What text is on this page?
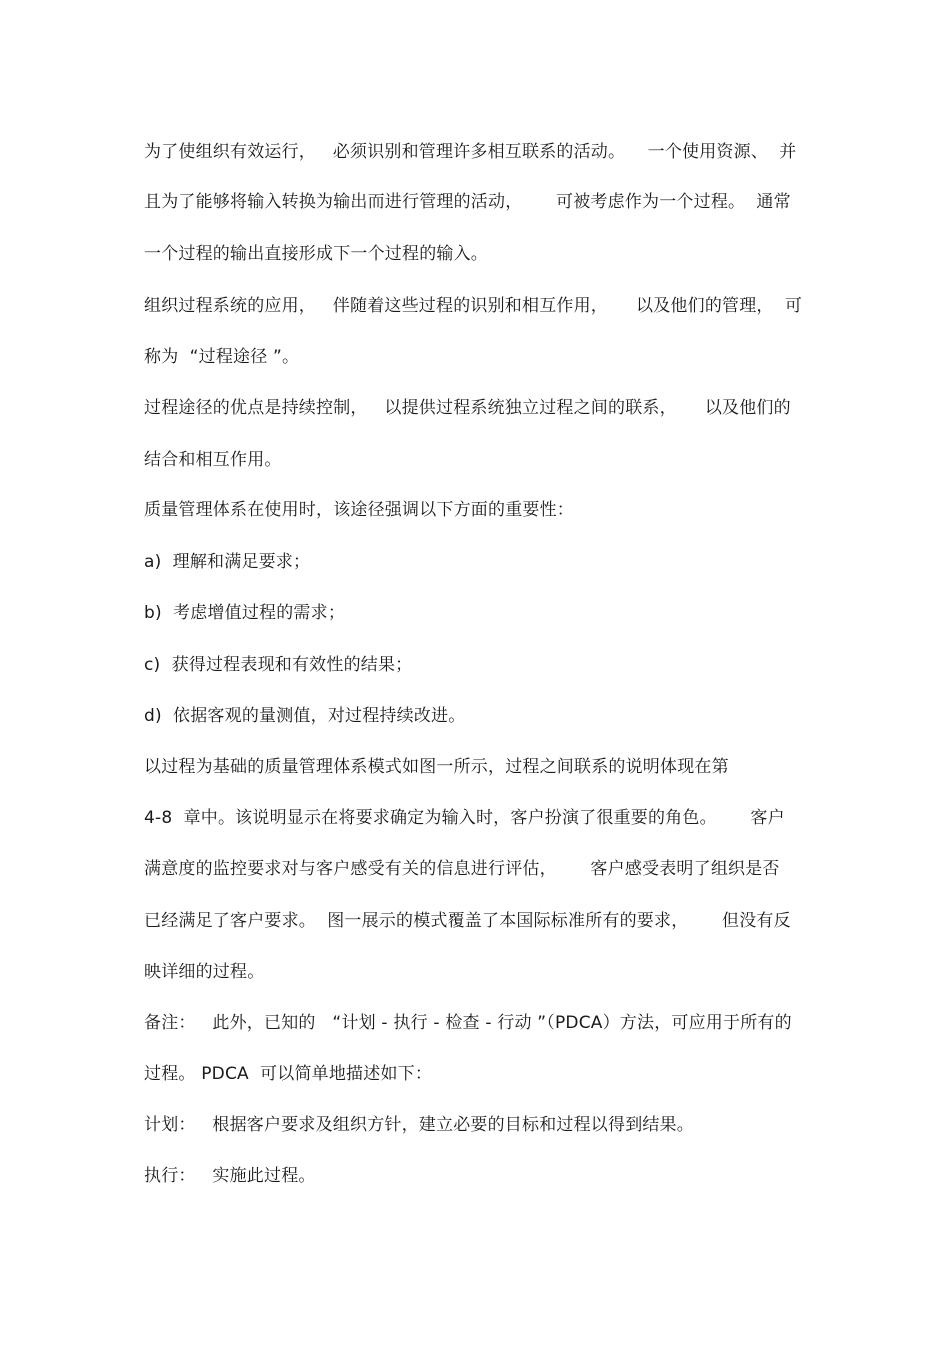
为了使组织有效运行，   必须识别和管理许多相互联系的活动。    一个使用资源、  并
且为了能够将输入转换为输出而进行管理的活动，      可被考虑作为一个过程。  通常
一个过程的输出直接形成下一个过程的输入。
组织过程系统的应用，   伴随着这些过程的识别和相互作用，     以及他们的管理，  可
称为  “过程途径 ”。
过程途径的优点是持续控制，   以提供过程系统独立过程之间的联系，     以及他们的
结合和相互作用。
质量管理体系在使用时，该途径强调以下方面的重要性：
a)  理解和满足要求；
b)  考虑增值过程的需求；
c)  获得过程表现和有效性的结果；
d)  依据客观的量测值，对过程持续改进。
以过程为基础的质量管理体系模式如图一所示，过程之间联系的说明体现在第
4-8  章中。该说明显示在将要求确定为输入时，客户扮演了很重要的角色。      客户
满意度的监控要求对与客户感受有关的信息进行评估，      客户感受表明了组织是否
已经满足了客户要求。  图一展示的模式覆盖了本国际标准所有的要求，      但没有反
映详细的过程。
备注：   此外，已知的   “计划 - 执行 - 检查 - 行动 ”（PDCA）方法，可应用于所有的
过程。 PDCA  可以简单地描述如下：
计划：   根据客户要求及组织方针，建立必要的目标和过程以得到结果。
执行：   实施此过程。
